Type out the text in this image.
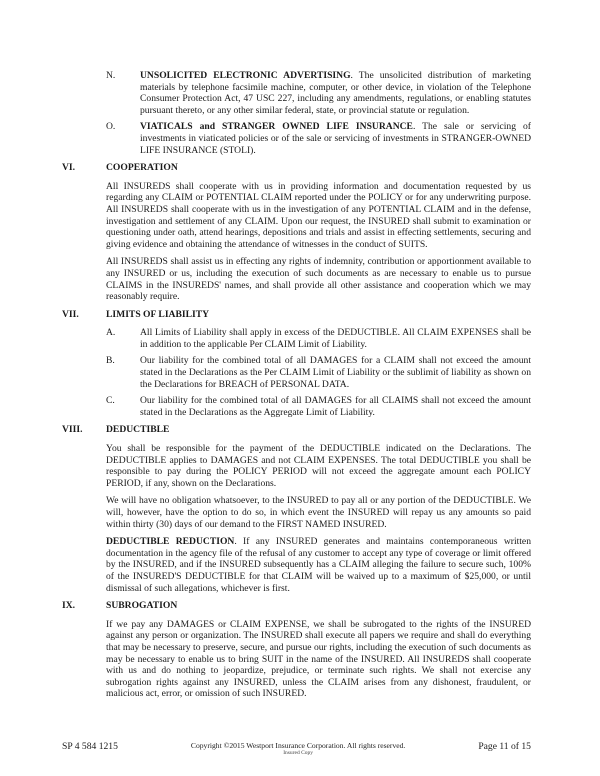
N.	UNSOLICITED ELECTRONIC ADVERTISING. The unsolicited distribution of marketing materials by telephone facsimile machine, computer, or other device, in violation of the Telephone Consumer Protection Act, 47 USC 227, including any amendments, regulations, or enabling statutes pursuant thereto, or any other similar federal, state, or provincial statute or regulation.

O.	VIATICALS and STRANGER OWNED LIFE INSURANCE. The sale or servicing of investments in viaticated policies or of the sale or servicing of investments in STRANGER-OWNED LIFE INSURANCE (STOLI).

VI.	COOPERATION

All INSUREDS shall cooperate with us in providing information and documentation requested by us regarding any CLAIM or POTENTIAL CLAIM reported under the POLICY or for any underwriting purpose. All INSUREDS shall cooperate with us in the investigation of any POTENTIAL CLAIM and in the defense, investigation and settlement of any CLAIM. Upon our request, the INSURED shall submit to examination or questioning under oath, attend hearings, depositions and trials and assist in effecting settlements, securing and giving evidence and obtaining the attendance of witnesses in the conduct of SUITS.

All INSUREDS shall assist us in effecting any rights of indemnity, contribution or apportionment available to any INSURED or us, including the execution of such documents as are necessary to enable us to pursue CLAIMS in the INSUREDS' names, and shall provide all other assistance and cooperation which we may reasonably require.

VII.	LIMITS OF LIABILITY
A.	All Limits of Liability shall apply in excess of the DEDUCTIBLE. All CLAIM EXPENSES shall be in addition to the applicable Per CLAIM Limit of Liability.

B.	Our liability for the combined total of all DAMAGES for a CLAIM shall not exceed the amount stated in the Declarations as the Per CLAIM Limit of Liability or the sublimit of liability as shown on the Declarations for BREACH of PERSONAL DATA.

C.	Our liability for the combined total of all DAMAGES for all CLAIMS shall not exceed the amount stated in the Declarations as the Aggregate Limit of Liability.

VIII.	DEDUCTIBLE

You shall be responsible for the payment of the DEDUCTIBLE indicated on the Declarations. The DEDUCTIBLE applies to DAMAGES and not CLAIM EXPENSES. The total DEDUCTIBLE you shall be responsible to pay during the POLICY PERIOD will not exceed the aggregate amount each POLICY PERIOD, if any, shown on the Declarations.

We will have no obligation whatsoever, to the INSURED to pay all or any portion of the DEDUCTIBLE. We will, however, have the option to do so, in which event the INSURED will repay us any amounts so paid within thirty (30) days of our demand to the FIRST NAMED INSURED.

DEDUCTIBLE REDUCTION. If any INSURED generates and maintains contemporaneous written documentation in the agency file of the refusal of any customer to accept any type of coverage or limit offered by the INSURED, and if the INSURED subsequently has a CLAIM alleging the failure to secure such, 100% of the INSURED'S DEDUCTIBLE for that CLAIM will be waived up to a maximum of $25,000, or until dismissal of such allegations, whichever is first.

IX.	SUBROGATION

If we pay any DAMAGES or CLAIM EXPENSE, we shall be subrogated to the rights of the INSURED against any person or organization. The INSURED shall execute all papers we require and shall do everything that may be necessary to preserve, secure, and pursue our rights, including the execution of such documents as may be necessary to enable us to bring SUIT in the name of the INSURED. All INSUREDS shall cooperate with us and do nothing to jeopardize, prejudice, or terminate such rights. We shall not exercise any subrogation rights against any INSURED, unless the CLAIM arises from any dishonest, fraudulent, or malicious act, error, or omission of such INSURED.

SP 4 584 1215	Copyright ©2015 Westport Insurance Corporation. All rights reserved.
Insured Copy
Page 11 of 15
